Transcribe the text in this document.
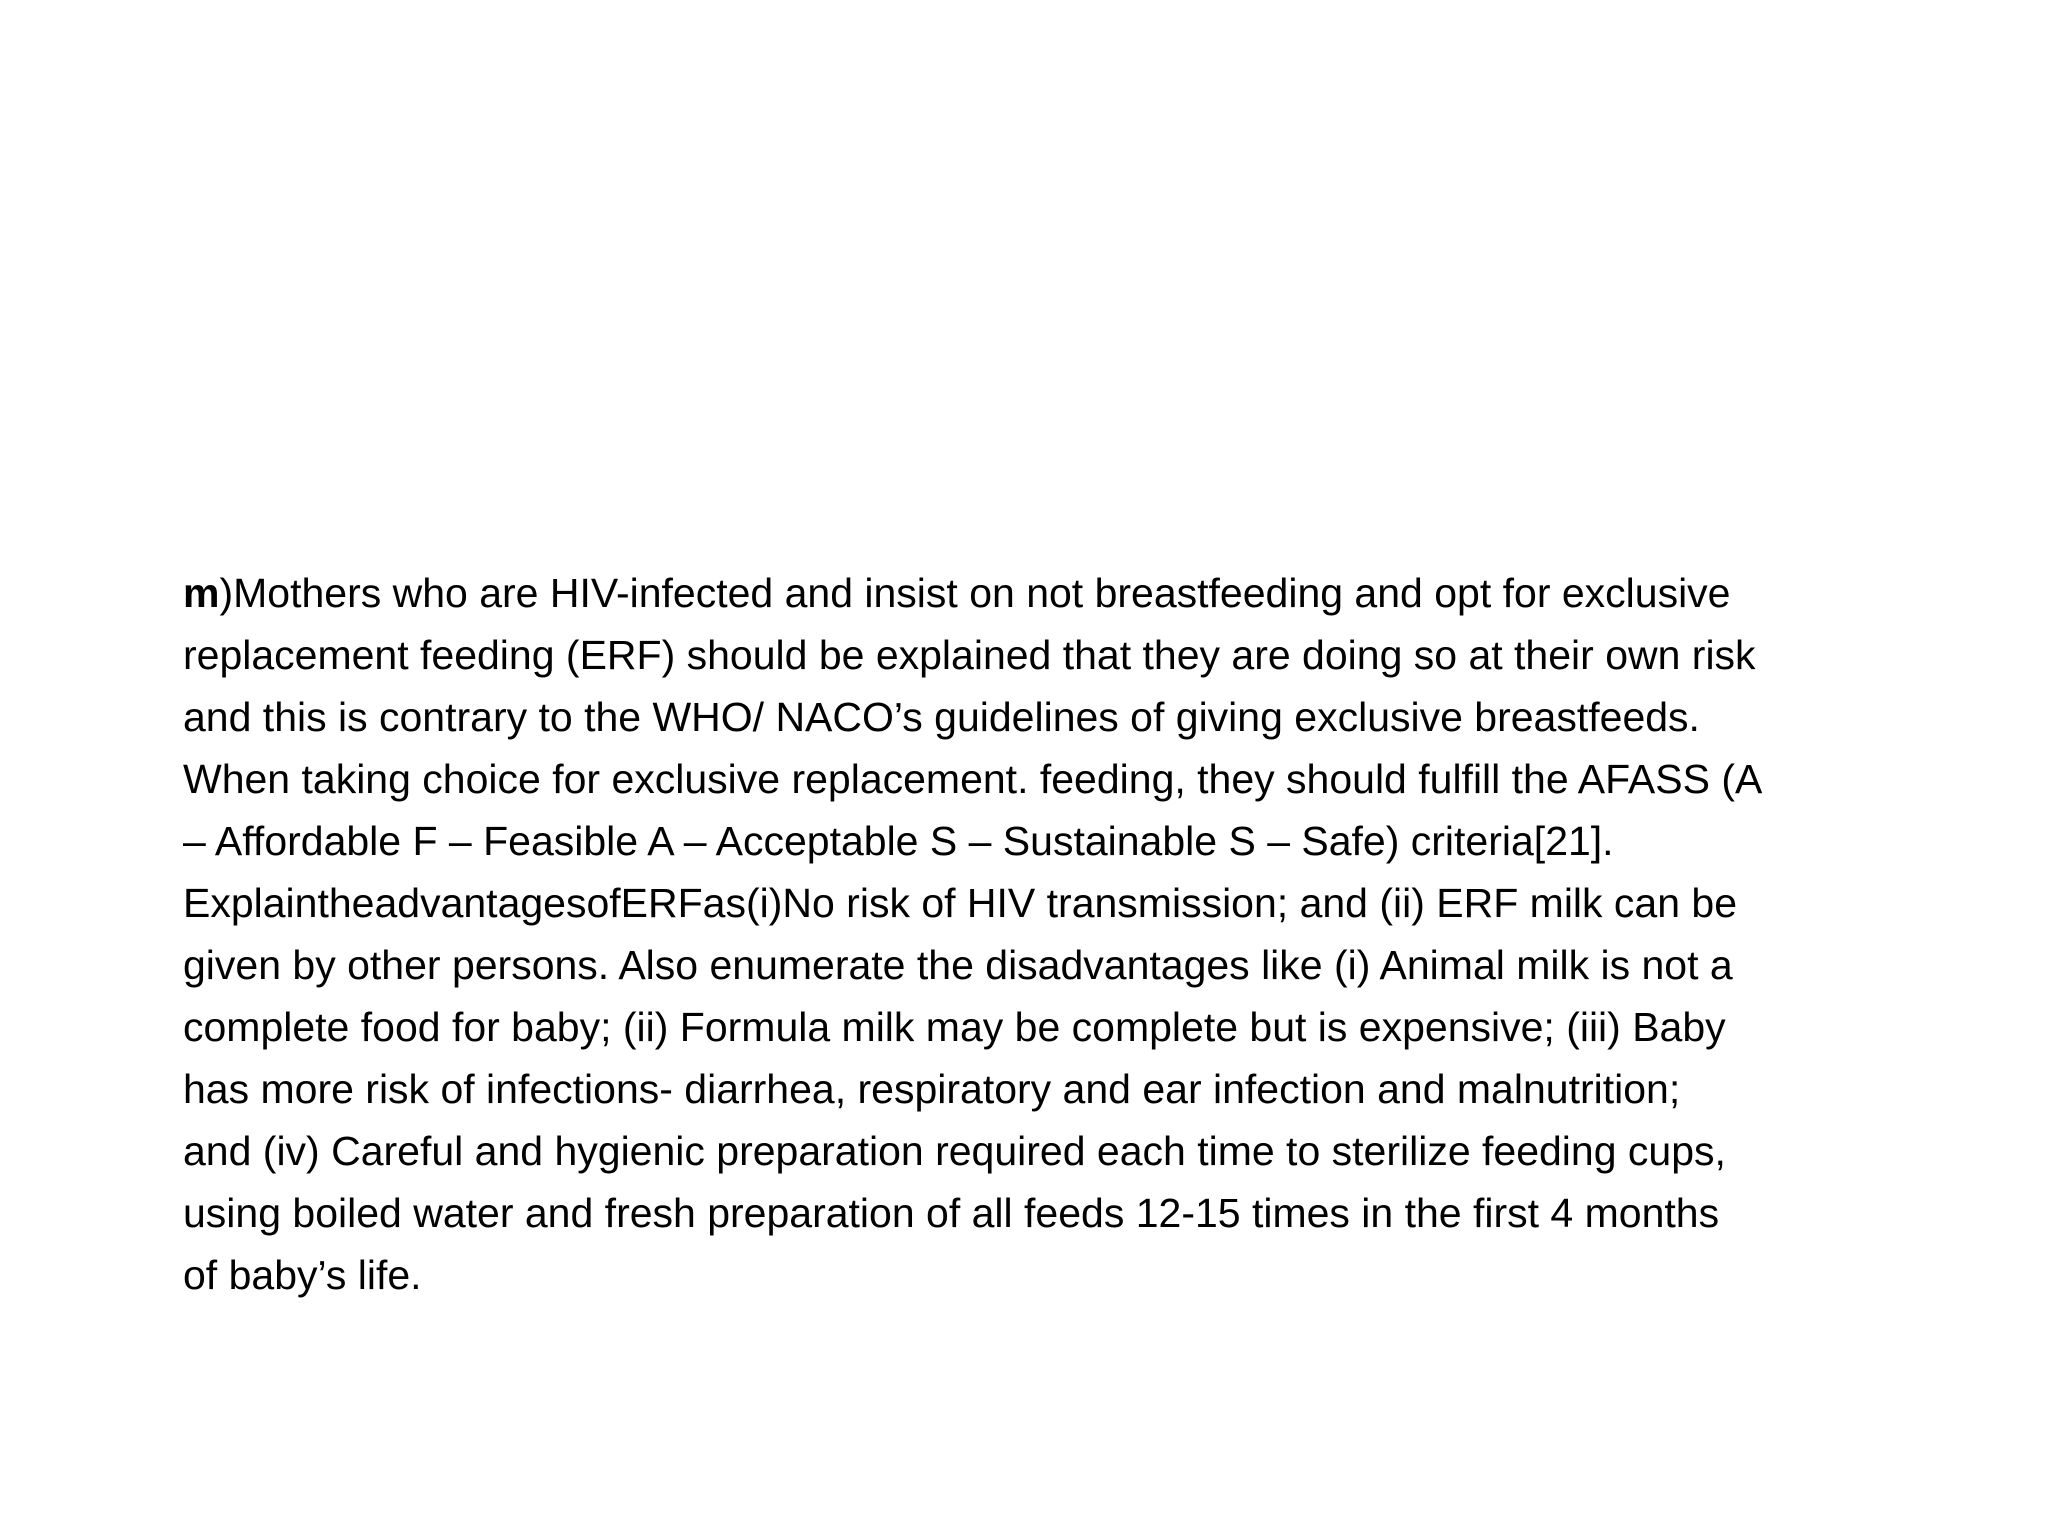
m)Mothers who are HIV-infected and insist on not breastfeeding and opt for exclusive
replacement feeding (ERF) should be explained that they are doing so at their own risk
and this is contrary to the WHO/ NACO’s guidelines of giving exclusive breastfeeds.
When taking choice for exclusive replacement. feeding, they should fulfill the AFASS (A
– Affordable F – Feasible A – Acceptable S – Sustainable S – Safe) criteria[21].
ExplaintheadvantagesofERFas(i)No risk of HIV transmission; and (ii) ERF milk can be
given by other persons. Also enumerate the disadvantages like (i) Animal milk is not a
complete food for baby; (ii) Formula milk may be complete but is expensive; (iii) Baby
has more risk of infections- diarrhea, respiratory and ear infection and malnutrition;
and (iv) Careful and hygienic preparation required each time to sterilize feeding cups,
using boiled water and fresh preparation of all feeds 12-15 times in the first 4 months
of baby’s life.
